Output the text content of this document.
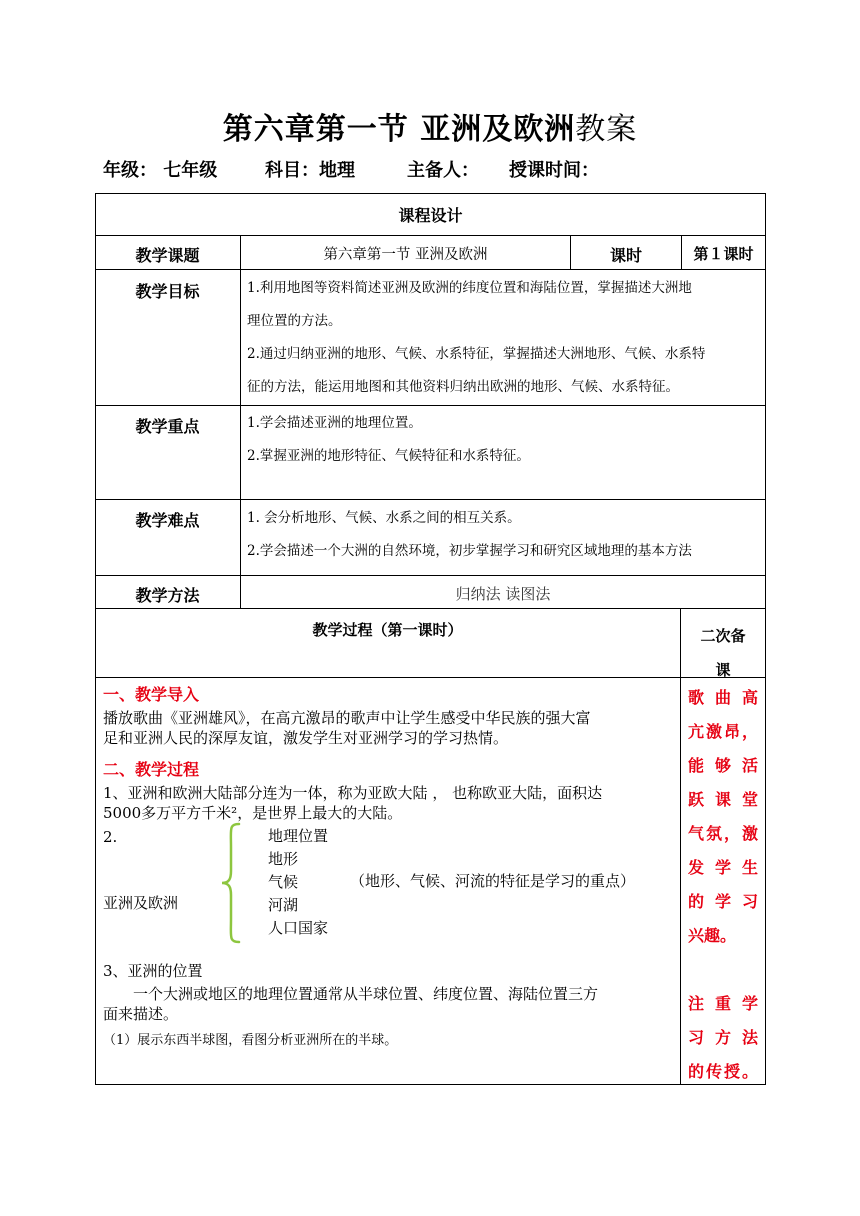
第六章第一节 亚洲及欧洲教案
年级： 七年级	科目：地理	主备人： 授课时间：
课程设计
教学课题	第六章第一节 亚洲及欧洲	课时	第１课时
教学目标	1.利用地图等资料简述亚洲及欧洲的纬度位置和海陆位置，掌握描述大洲地
理位置的方法。
2.通过归纳亚洲的地形、气候、水系特征，掌握描述大洲地形、气候、水系特
征的方法，能运用地图和其他资料归纳出欧洲的地形、气候、水系特征。
教学重点	1.学会描述亚洲的地理位置。
2.掌握亚洲的地形特征、气候特征和水系特征。
教学难点	1. 会分析地形、气候、水系之间的相互关系。
2.学会描述一个大洲的自然环境，初步掌握学习和研究区域地理的基本方法
教学方法	归纳法 读图法
教学过程（第一课时）	二次备
课
一、教学导入
播放歌曲《亚洲雄风》，在高亢激昂的歌声中让学生感受中华民族的强大富
足和亚洲人民的深厚友谊，激发学生对亚洲学习的学习热情。
二、教学过程
1、亚洲和欧洲大陆部分连为一体，称为亚欧大陆 ， 也称欧亚大陆，面积达
5000多万平方千米²，是世界上最大的大陆。
2.
亚洲及欧洲
地理位置
地形
气候
河湖
人口国家
（地形、气候、河流的特征是学习的重点）
3、亚洲的位置
一个大洲或地区的地理位置通常从半球位置、纬度位置、海陆位置三方
面来描述。
（1）展示东西半球图，看图分析亚洲所在的半球。
歌曲高
亢激昂，
能够活
跃课堂
气氛，激
发学生
的学习
兴趣。
注重学
习方法
的传授。
